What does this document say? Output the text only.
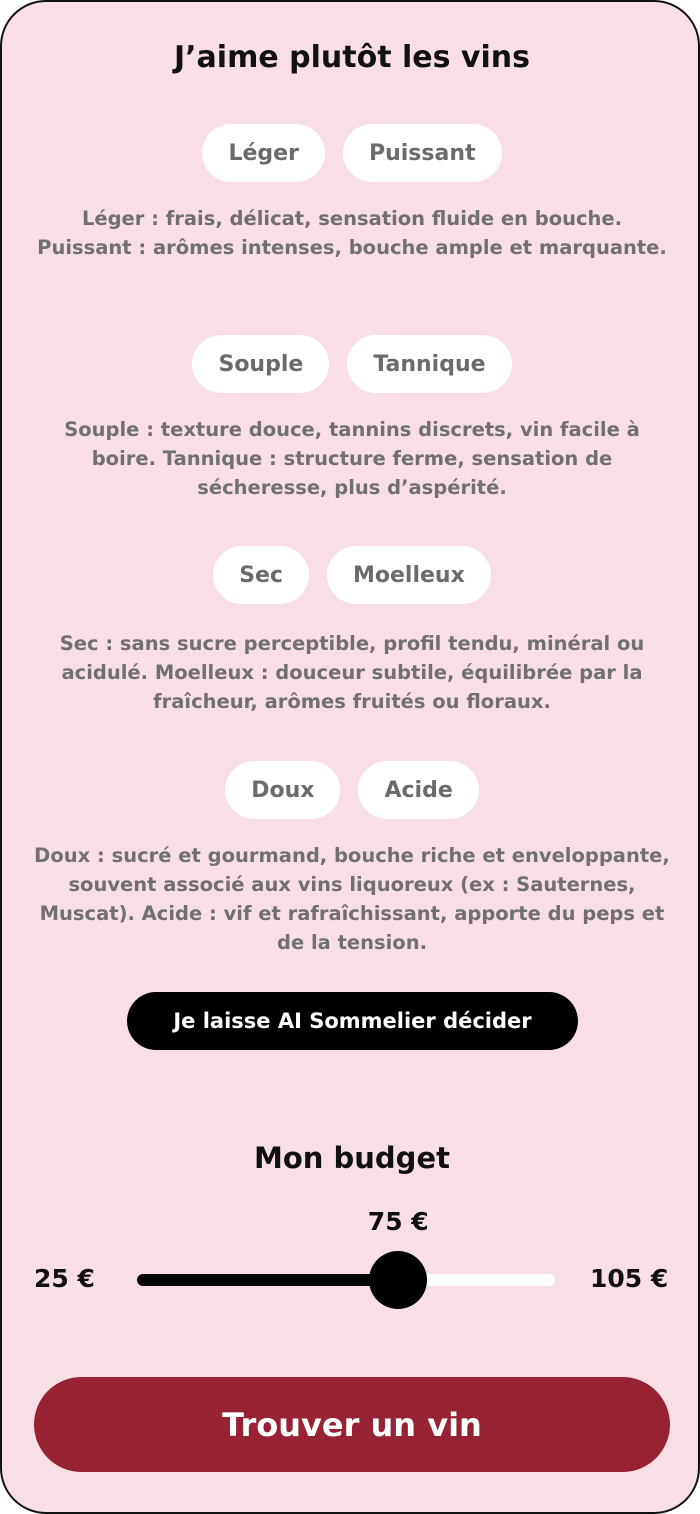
J’aime plutôt les vins
Léger	Puissant
Léger : frais, délicat, sensation fluide en bouche. Puissant : arômes intenses, bouche ample et marquante.
Souple	Tannique
Souple : texture douce, tannins discrets, vin facile à boire. Tannique : structure ferme, sensation de sécheresse, plus d’aspérité.
Sec	Moelleux
Sec : sans sucre perceptible, profil tendu, minéral ou acidulé. Moelleux : douceur subtile, équilibrée par la fraîcheur, arômes fruités ou floraux.
Doux	Acide
Doux : sucré et gourmand, bouche riche et enveloppante, souvent associé aux vins liquoreux (ex : Sauternes, Muscat). Acide : vif et rafraîchissant, apporte du peps et de la tension.
Je laisse AI Sommelier décider
Mon budget
75 €
25 €	105 €
Trouver un vin
